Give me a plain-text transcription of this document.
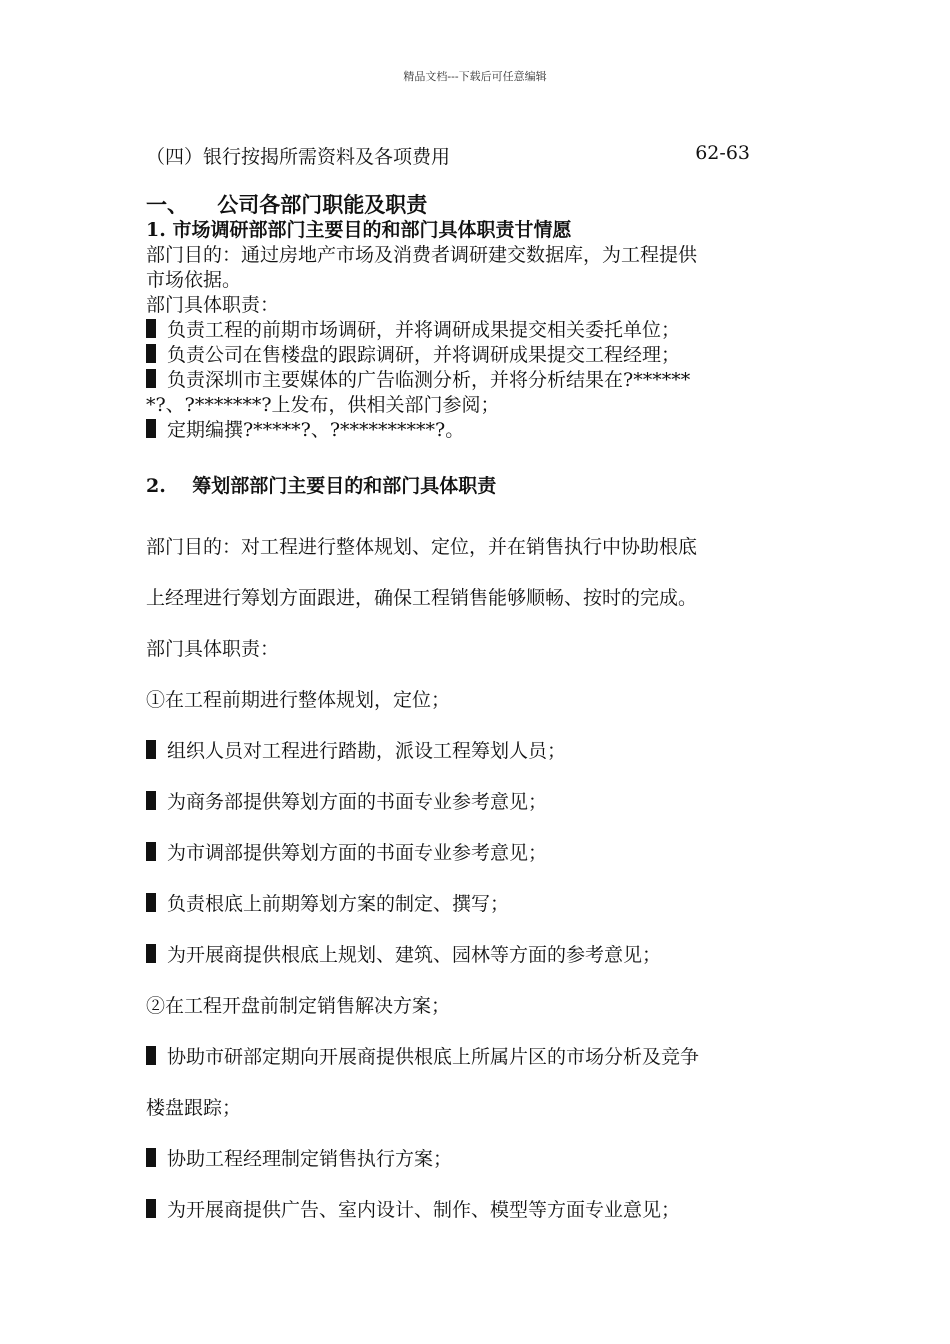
精品文档---下载后可任意编辑
（四）银行按揭所需资料及各项费用	62-63
一、    公司各部门职能及职责
1. 市场调研部部门主要目的和部门具体职责甘情愿
部门目的：通过房地产市场及消费者调研建交数据库，为工程提供
市场依据。
部门具体职责：
负责工程的前期市场调研，并将调研成果提交相关委托单位；
负责公司在售楼盘的跟踪调研，并将调研成果提交工程经理；
负责深圳市主要媒体的广告临测分析，并将分析结果在?******
*?、?*******?上发布，供相关部门参阅；
定期编撰?*****?、?**********?。
2.    筹划部部门主要目的和部门具体职责
部门目的：对工程进行整体规划、定位，并在销售执行中协助根底
上经理进行筹划方面跟进，确保工程销售能够顺畅、按时的完成。
部门具体职责：
①在工程前期进行整体规划，定位；
组织人员对工程进行踏勘，派设工程筹划人员；
为商务部提供筹划方面的书面专业参考意见；
为市调部提供筹划方面的书面专业参考意见；
负责根底上前期筹划方案的制定、撰写；
为开展商提供根底上规划、建筑、园林等方面的参考意见；
②在工程开盘前制定销售解决方案；
协助市研部定期向开展商提供根底上所属片区的市场分析及竞争
楼盘跟踪；
协助工程经理制定销售执行方案；
为开展商提供广告、室内设计、制作、模型等方面专业意见；
